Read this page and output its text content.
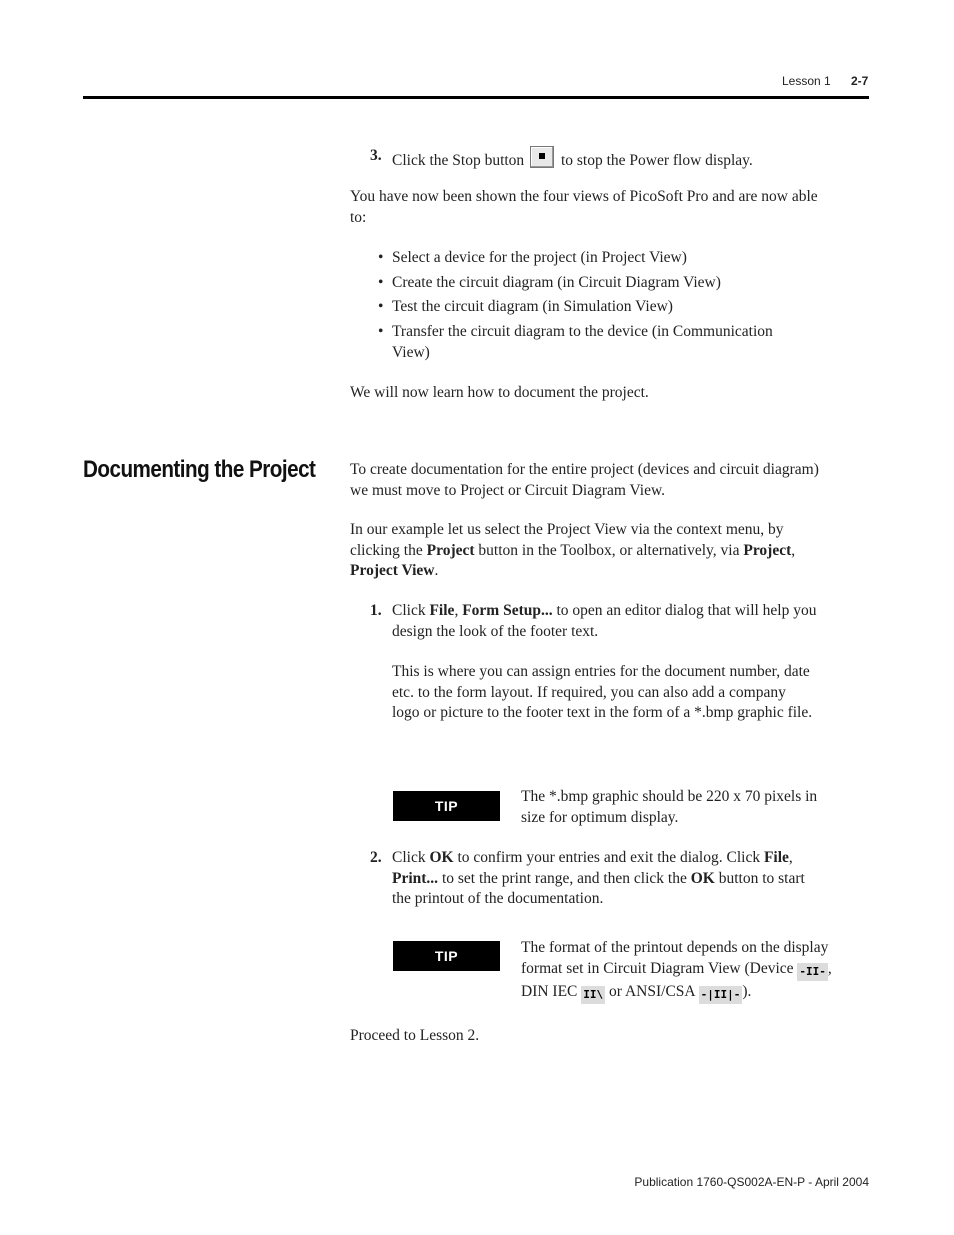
Lesson 1 2-7
3. Click the Stop button to stop the Power flow display.
You have now been shown the four views of PicoSoft Pro and are now able to:
• Select a device for the project (in Project View)
• Create the circuit diagram (in Circuit Diagram View)
• Test the circuit diagram (in Simulation View)
• Transfer the circuit diagram to the device (in Communication View)
We will now learn how to document the project.
Documenting the Project To create documentation for the entire project (devices and circuit diagram) we must move to Project or Circuit Diagram View.
In our example let us select the Project View via the context menu, by clicking the Project button in the Toolbox, or alternatively, via Project, Project View.
1. Click File, Form Setup... to open an editor dialog that will help you design the look of the footer text.
This is where you can assign entries for the document number, date etc. to the form layout. If required, you can also add a company logo or picture to the footer text in the form of a *.bmp graphic file.
TIP
The *.bmp graphic should be 220 x 70 pixels in size for optimum display.
2. Click OK to confirm your entries and exit the dialog. Click File, Print... to set the print range, and then click the OK button to start the printout of the documentation.
TIP	The format of the printout depends on the display format set in Circuit Diagram View (Device -II- , DIN IEC II\ or ANSI/CSA -|II|- ).
Proceed to Lesson 2.
Publication 1760-QS002A-EN-P - April 2004
